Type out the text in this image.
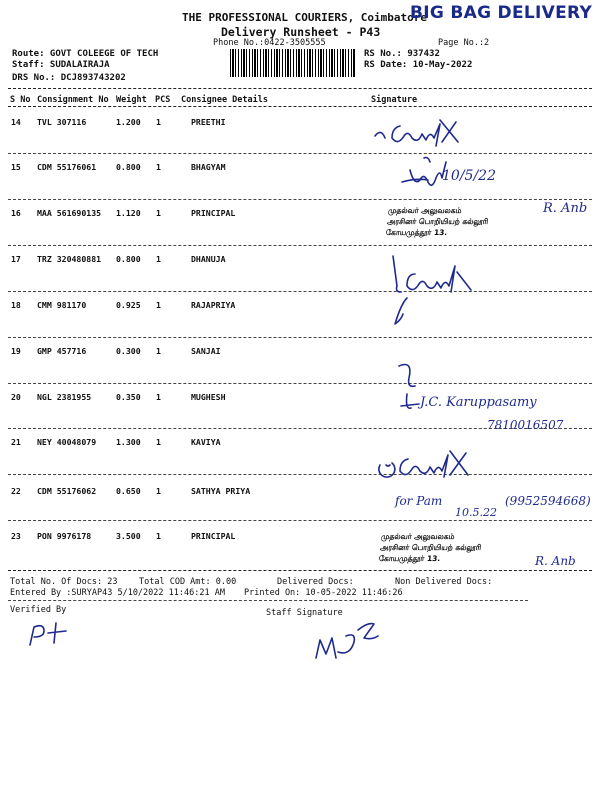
THE PROFESSIONAL COURIERS, Coimbatore
BIG BAG DELIVERY
Delivery Runsheet - P43
Phone No.:0422-3505555	Page No.:2
Route: GOVT COLEEGE OF TECH
Staff: SUDALAIRAJA
DRS No.: DCJ893743202
RS No.: 937432
RS Date: 10-May-2022
S No Consignment No Weight PCS Consignee Details	Signature
14 TVL 307116	1.200 1	PREETHI
15 CDM 55176061 0.800 1	BHAGYAM
16 MAA 561690135 1.120 1	PRINCIPAL
17 TRZ 320480881 0.800 1	DHANUJA
18 CMM 981170	0.925 1	RAJAPRIYA
19 GMP 457716	0.300 1	SANJAI
20 NGL 2381955	0.350 1	MUGHESH
21 NEY 40048079 1.300 1	KAVIYA
22 CDM 55176062 0.650 1	SATHYA PRIYA
23 PON 9976178	3.500 1	PRINCIPAL
10/5/22
முதல்வர் அலுவலகம்
அரசினர் பொறியியற் கல்லூரி
கோயமுத்தூர் 13.
R. Anb
J.C. Karuppasamy
7810016507
for Pam
10.5.22
(9952594668)
முதல்வர் அலுவலகம்
அரசினர் பொறியியற் கல்லூரி
கோயமுத்தூர் 13.	R. Anb
Total No. Of Docs: 23	Total COD Amt: 0.00	Delivered Docs:	Non Delivered Docs:
Entered By :SURYAP43 5/10/2022 11:46:21 AM Printed On: 10-05-2022 11:46:26
Verified By	Staff Signature
